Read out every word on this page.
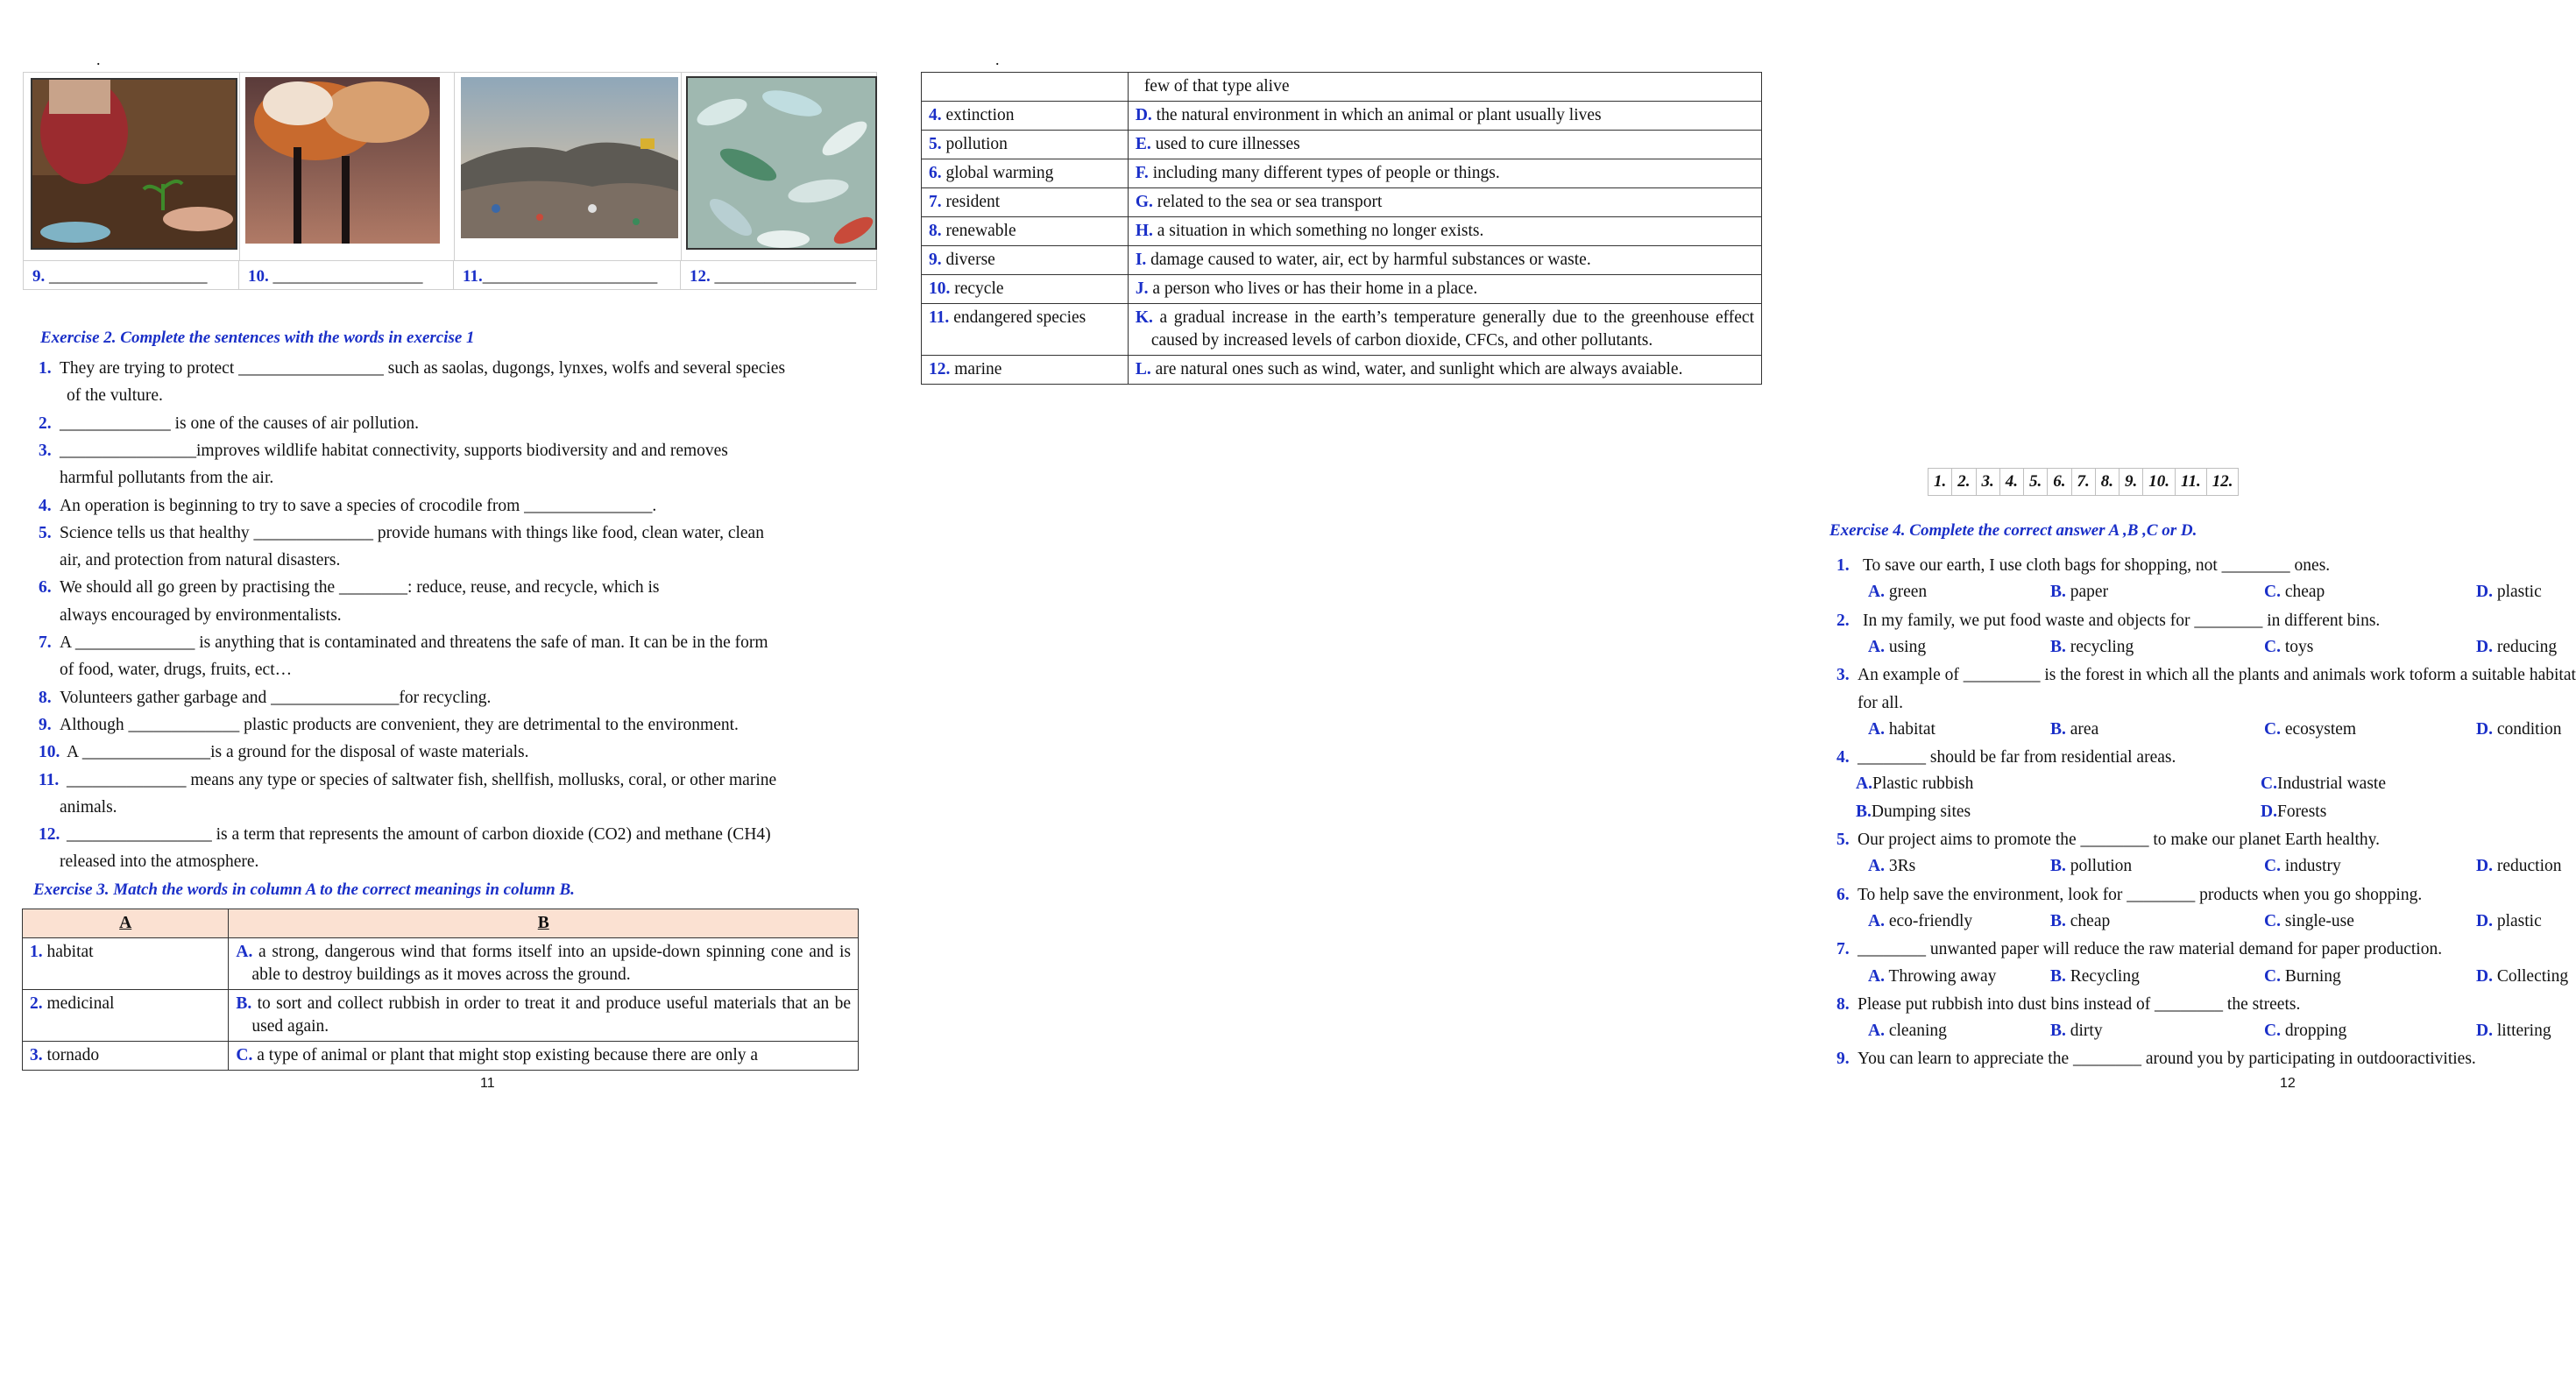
.
9. ___________________	10. __________________	11._____________________	12. _________________
Exercise 2. Complete the sentences with the words in exercise 1
1. They are trying to protect _________________ such as saolas, dugongs, lynxes, wolfs and several species
of the vulture.
2. _____________ is one of the causes of air pollution.
3. ________________improves wildlife habitat connectivity, supports biodiversity and and removes
harmful pollutants from the air.
4. An operation is beginning to try to save a species of crocodile from _______________.
5. Science tells us that healthy ______________ provide humans with things like food, clean water, clean
air, and protection from natural disasters.
6. We should all go green by practising the ________: reduce, reuse, and recycle, which is
always encouraged by environmentalists.
7. A ______________ is anything that is contaminated and threatens the safe of man. It can be in the form
of food, water, drugs, fruits, ect…
8. Volunteers gather garbage and _______________for recycling.
9. Although _____________ plastic products are convenient, they are detrimental to the environment.
10. A _______________is a ground for the disposal of waste materials.
11. ______________ means any type or species of saltwater fish, shellfish, mollusks, coral, or other marine
animals.
12. _________________ is a term that represents the amount of carbon dioxide (CO2) and methane (CH4)
released into the atmosphere.
Exercise 3. Match the words in column A to the correct meanings in column B.
A	B
1. habitat	A. a strong, dangerous wind that forms itself into an upside-down spinning cone and is able to destroy buildings as it moves across the ground.

2. medicinal	B. to sort and collect rubbish in order to treat it and produce useful materials that an be used again.

3. tornado	C. a type of animal or plant that might stop existing because there are only a
11
.

	few of that type alive

4. extinction	D. the natural environment in which an animal or plant usually lives

5. pollution	E. used to cure illnesses

6. global warming	F. including many different types of people or things.

7. resident	G. related to the sea or sea transport

8. renewable	H. a situation in which something no longer exists.

9. diverse	I. damage caused to water, air, ect by harmful substances or waste.

10. recycle	J. a person who lives or has their home in a place.

11. endangered species	K. a gradual increase in the earth’s temperature generally due to the greenhouse effect caused by increased levels of carbon dioxide, CFCs, and other pollutants.

12. marine	L. are natural ones such as wind, water, and sunlight which are always avaiable.
1.	2.	3.	4.	5.	6.	7.	8.	9.	10.	11.	12.
Exercise 4. Complete the correct answer A ,B ,C or D.
1. To save our earth, I use cloth bags for shopping, not ________ ones.
A. green	B. paper	C. cheap	D. plastic
2. In my family, we put food waste and objects for ________ in different bins.
A. using	B. recycling	C. toys	D. reducing
3. An example of _________ is the forest in which all the plants and animals work toform a suitable habitat
for all.
A. habitat	B. area	C. ecosystem	D. condition
4. ________ should be far from residential areas.
A.Plastic rubbish	C.Industrial waste
B.Dumping sites	D.Forests
5. Our project aims to promote the ________ to make our planet Earth healthy.
A. 3Rs	B. pollution	C. industry	D. reduction
6. To help save the environment, look for ________ products when you go shopping.
A. eco-friendly	B. cheap	C. single-use	D. plastic
7. ________ unwanted paper will reduce the raw material demand for paper production.
A. Throwing away	B. Recycling	C. Burning	D. Collecting
8. Please put rubbish into dust bins instead of ________ the streets.
A. cleaning	B. dirty	C. dropping	D. littering
9. You can learn to appreciate the ________ around you by participating in outdooractivities.
12
